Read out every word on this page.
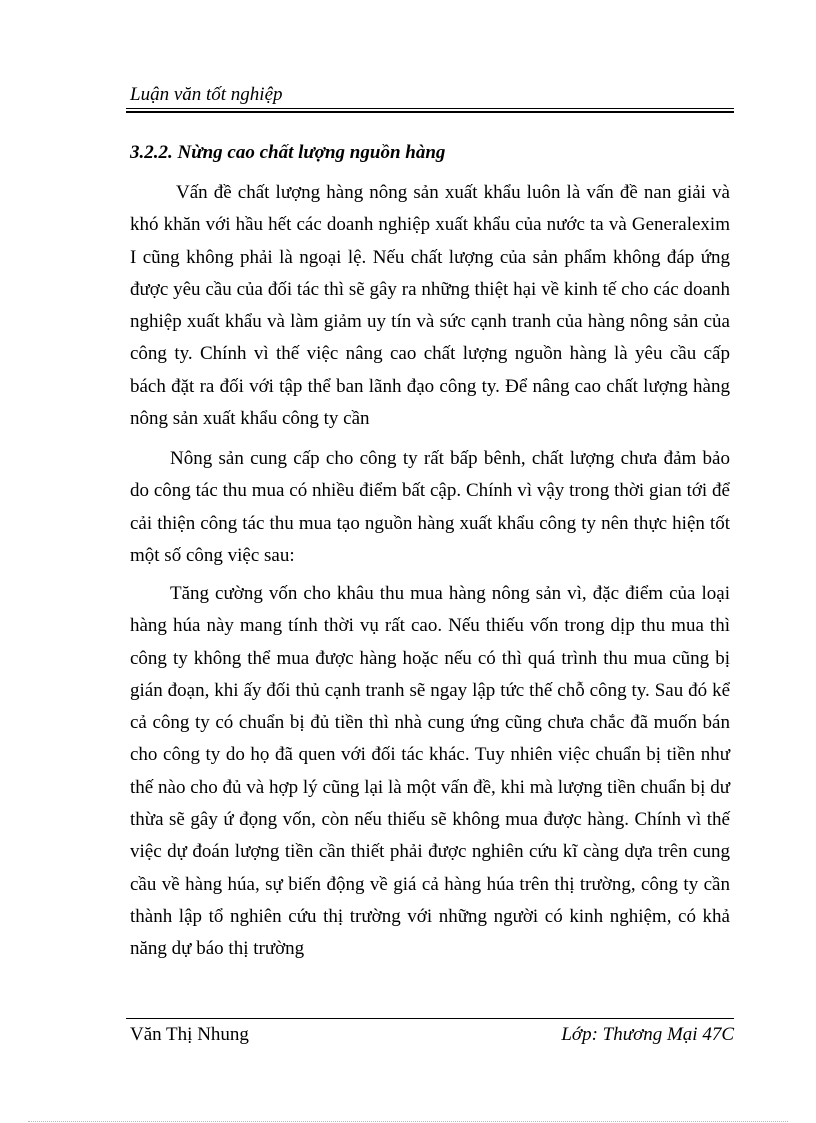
Luận văn tốt nghiệp
3.2.2. Nừng cao chất lượng nguồn hàng

Vấn đề chất lượng hàng nông sản xuất khẩu luôn là vấn đề nan giải và khó khăn với hầu hết các doanh nghiệp xuất khẩu của nước ta và Generalexim I cũng không phải là ngoại lệ. Nếu chất lượng của sản phẩm không đáp ứng được yêu cầu của đối tác thì sẽ gây ra những thiệt hại về kinh tế cho các doanh nghiệp xuất khẩu và làm giảm uy tín và sức cạnh tranh của hàng nông sản của công ty. Chính vì thế việc nâng cao chất lượng nguồn hàng là yêu cầu cấp bách đặt ra đối với tập thể ban lãnh đạo công ty. Để nâng cao chất lượng hàng nông sản xuất khẩu công ty cần

Nông sản cung cấp cho công ty rất bấp bênh, chất lượng chưa đảm bảo do công tác thu mua có nhiều điểm bất cập. Chính vì vậy trong thời gian tới để cải thiện công tác thu mua tạo nguồn hàng xuất khẩu công ty nên thực hiện tốt một số công việc sau:

Tăng cường vốn cho khâu thu mua hàng nông sản vì, đặc điểm của loại hàng húa này mang tính thời vụ rất cao. Nếu thiếu vốn trong dịp thu mua thì công ty không thể mua được hàng hoặc nếu có thì quá trình thu mua cũng bị gián đoạn, khi ấy đối thủ cạnh tranh sẽ ngay lập tức thế chỗ công ty. Sau đó kể cả công ty có chuẩn bị đủ tiền thì nhà cung ứng cũng chưa chắc đã muốn bán cho công ty do họ đã quen với đối tác khác. Tuy nhiên việc chuẩn bị tiền như thế nào cho đủ và hợp lý cũng lại là một vấn đề, khi mà lượng tiền chuẩn bị dư thừa sẽ gây ứ đọng vốn, còn nếu thiếu sẽ không mua được hàng. Chính vì thế việc dự đoán lượng tiền cần thiết phải được nghiên cứu kĩ càng dựa trên cung cầu về hàng húa, sự biến động về giá cả hàng húa trên thị trường, công ty cần thành lập tổ nghiên cứu thị trường với những người có kinh nghiệm, có khả năng dự báo thị trường

Văn Thị Nhung	Lớp: Thương Mại 47C
